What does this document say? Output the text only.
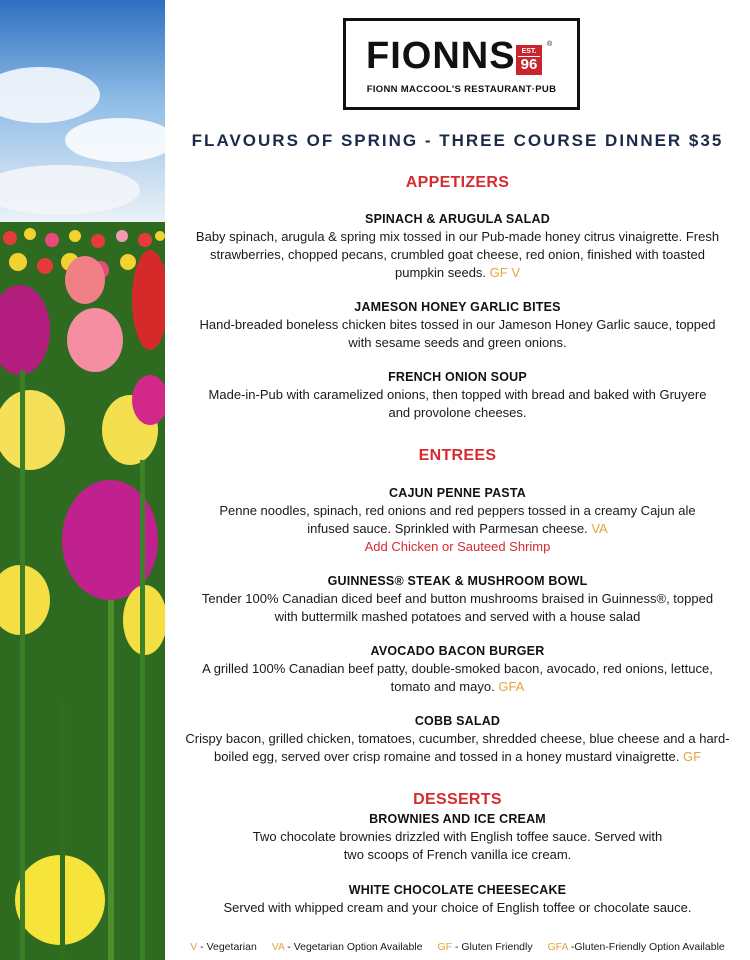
FIONNS EST.
96
®
FIONN MACCOOL'S RESTAURANT·PUB
FLAVOURS OF SPRING - THREE COURSE DINNER $35
APPETIZERS
SPINACH & ARUGULA SALAD
Baby spinach, arugula & spring mix tossed in our Pub-made honey citrus vinaigrette. Fresh strawberries, chopped pecans, crumbled goat cheese, red onion, finished with toasted pumpkin seeds. GF V
JAMESON HONEY GARLIC BITES
Hand-breaded boneless chicken bites tossed in our Jameson Honey Garlic sauce, topped with sesame seeds and green onions.
FRENCH ONION SOUP
Made-in-Pub with caramelized onions, then topped with bread and baked with Gruyere and provolone cheeses.
ENTREES
CAJUN PENNE PASTA
Penne noodles, spinach, red onions and red peppers tossed in a creamy Cajun ale infused sauce. Sprinkled with Parmesan cheese. VA
Add Chicken or Sauteed Shrimp
GUINNESS® STEAK & MUSHROOM BOWL
Tender 100% Canadian diced beef and button mushrooms braised in Guinness®, topped with buttermilk mashed potatoes and served with a house salad
AVOCADO BACON BURGER
A grilled 100% Canadian beef patty, double-smoked bacon, avocado, red onions, lettuce, tomato and mayo. GFA
COBB SALAD
Crispy bacon, grilled chicken, tomatoes, cucumber, shredded cheese, blue cheese and a hard-boiled egg, served over crisp romaine and tossed in a honey mustard vinaigrette. GF
DESSERTS
BROWNIES AND ICE CREAM
Two chocolate brownies drizzled with English toffee sauce. Served with two scoops of French vanilla ice cream.
WHITE CHOCOLATE CHEESECAKE
Served with whipped cream and your choice of English toffee or chocolate sauce.
V - Vegetarian VA - Vegetarian Option Available GF - Gluten Friendly GFA -Gluten-Friendly Option Available
